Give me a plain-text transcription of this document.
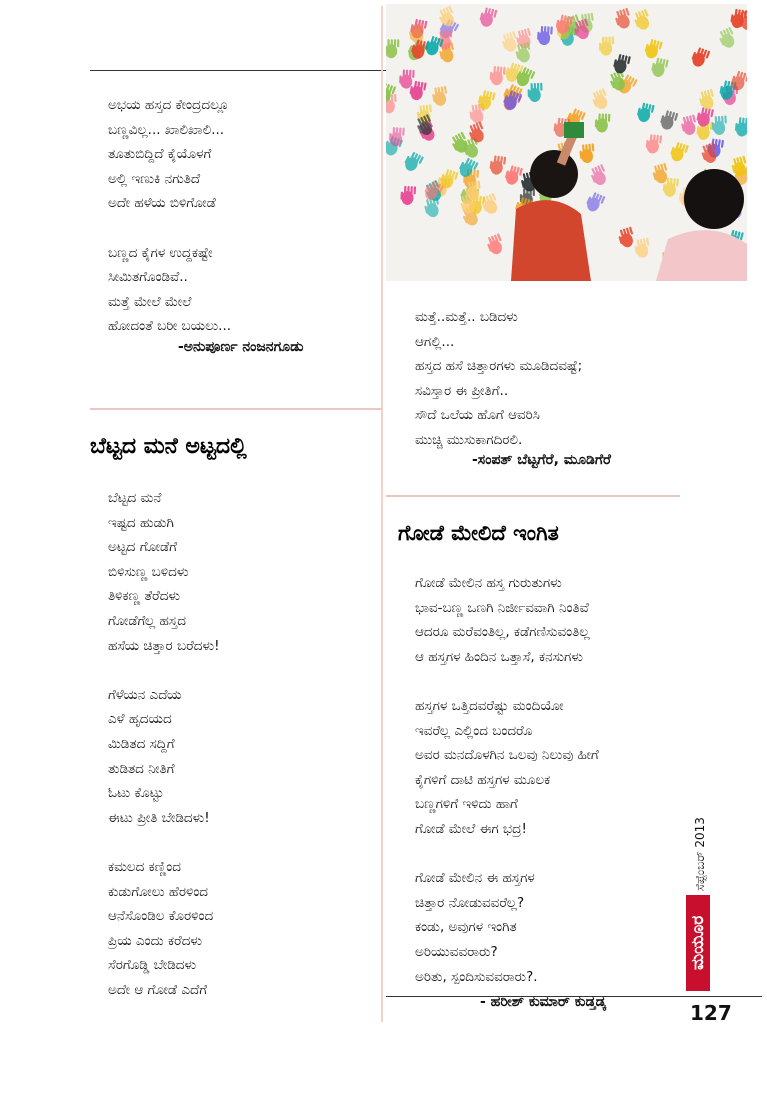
ಅಭಯ ಹಸ್ತದ ಕೇಂದ್ರದಲ್ಲೂ
ಬಣ್ಣವಿಲ್ಲ... ಖಾಲಿಖಾಲಿ...
ತೂತುಬಿದ್ದಿದೆ ಕೈಯೊಳಗೆ
ಅಲ್ಲಿ ಇಣುಕಿ ನಗುತಿದೆ
ಅದೇ ಹಳೆಯ ಬಿಳಿಗೋಡೆ

ಬಣ್ಣದ ಕೈಗಳ ಉದ್ದಕಷ್ಟೇ
ಸೀಮಿತಗೊಂಡಿವೆ..
ಮತ್ತೆ ಮೇಲೆ ಮೇಲೆ
ಹೋದಂತೆ ಬರೀ ಬಯಲು...
-ಅನುಪೂರ್ಣ ನಂಜನಗೂಡು
ಬೆಟ್ಟದ ಮನೆ ಅಟ್ಟದಲ್ಲಿ
ಬೆಟ್ಟದ ಮನೆ
ಇಷ್ಟದ ಹುಡುಗಿ
ಅಟ್ಟದ ಗೋಡೆಗೆ
ಬಿಳಿಸುಣ್ಣ ಬಳಿದಳು
ತಿಳಿಕಣ್ಣ ತೆರೆದಳು
ಗೋಡೆಗೆಲ್ಲ ಹಸ್ತದ
ಹಸೆಯ ಚಿತ್ತಾರ ಬರೆದಳು!

ಗೆಳೆಯನ ಎದೆಯ
ಎಳೆ ಹೃದಯದ
ಮಿಡಿತದ ಸದ್ದಿಗೆ
ತುಡಿತದ ನೀತಿಗೆ
ಓಟು ಕೊಟ್ಟು
ಈಟು ಪ್ರೀತಿ ಬೇಡಿದಳು!

ಕಮಲದ ಕಣ್ಣಿಂದ
ಕುಡುಗೋಲು ಹೆರಳಿಂದ
ಆನೆಸೊಂಡಿಲ ಕೊರಳಿಂದ
ಪ್ರಿಯ ಎಂದು ಕರೆದಳು
ಸೆರಗೊಡ್ಡಿ ಬೇಡಿದಳು
ಅದೇ ಆ ಗೋಡೆ ಎದೆಗೆ
ಮತ್ತೆ..ಮತ್ತೆ.. ಬಡಿದಳು
ಆಗಲ್ಲಿ...
ಹಸ್ತದ ಹಸೆ ಚಿತ್ತಾರಗಳು ಮೂಡಿದವಷ್ಟೆ;
ಸವಿಸ್ತಾರ ಈ ಪ್ರೀತಿಗೆ..
ಸೌದೆ ಒಲೆಯ ಹೊಗೆ ಆವರಿಸಿ
ಮುಚ್ಚಿ ಮುಸುಕಾಗದಿರಲಿ.
-ಸಂಪತ್ ಬೆಟ್ಟಗೆರೆ, ಮೂಡಿಗೆರೆ
ಗೋಡೆ ಮೇಲಿದೆ ಇಂಗಿತ
ಗೋಡೆ ಮೇಲಿನ ಹಸ್ತ ಗುರುತುಗಳು
ಭಾವ-ಬಣ್ಣ ಒಣಗಿ ನಿರ್ಜೀವವಾಗಿ ನಿಂತಿವೆ
ಆದರೂ ಮರೆವಂತಿಲ್ಲ, ಕಡೆಗಣಿಸುವಂತಿಲ್ಲ
ಆ ಹಸ್ತಗಳ ಹಿಂದಿನ ಒತ್ತಾಸೆ, ಕನಸುಗಳು

ಹಸ್ತಗಳ ಒತ್ತಿದವರೆಷ್ಟು ಮಂದಿಯೋ
ಇವರೆಲ್ಲ ಎಲ್ಲಿಂದ ಬಂದರೊ
ಅವರ ಮನದೊಳಗಿನ ಒಲವು ನಿಲುವು ಹೀಗೆ
ಕೈಗಳಿಗೆ ದಾಟಿ ಹಸ್ತಗಳ ಮೂಲಕ
ಬಣ್ಣಗಳಿಗೆ ಇಳಿದು ಹಾಗೆ
ಗೋಡೆ ಮೇಲೆ ಈಗ ಭದ್ರ!

ಗೋಡೆ ಮೇಲಿನ ಈ ಹಸ್ತಗಳ
ಚಿತ್ತಾರ ನೋಡುವವರೆಲ್ಲ?
ಕಂಡು, ಅವುಗಳ ಇಂಗಿತ
ಅರಿಯುವವರಾರು?
ಅರಿತು, ಸ್ಪಂದಿಸುವವರಾರು?.
- ಹರೀಶ್ ಕುಮಾರ್ ಕುಡ್ತಡ್ಕ
ಸೆಪ್ಟೆಂಬರ್ 2013
ಮಯೂರ
127
